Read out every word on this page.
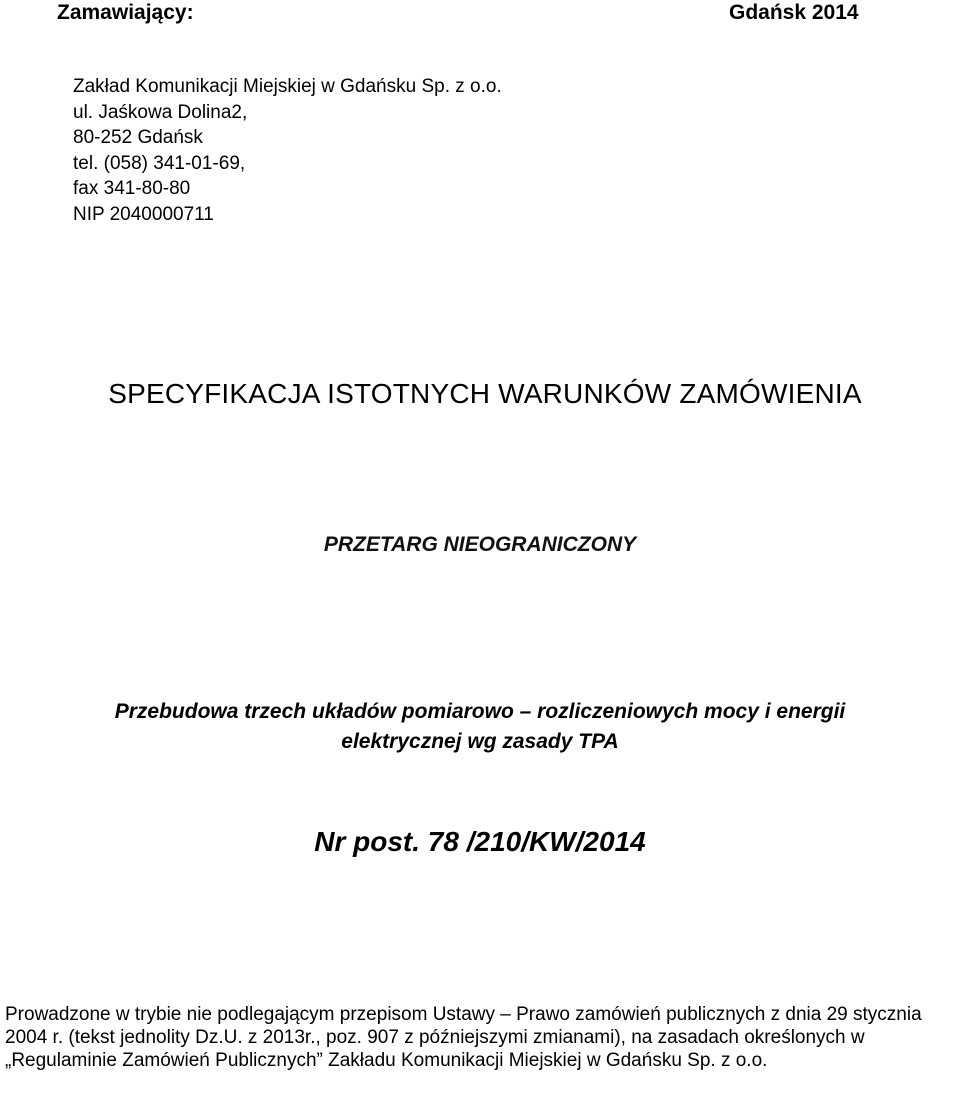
Zamawiający:	Gdańsk 2014
Zakład Komunikacji Miejskiej w Gdańsku Sp. z o.o.
ul. Jaśkowa Dolina2,
80-252 Gdańsk
tel. (058) 341-01-69,
fax 341-80-80
NIP 2040000711
SPECYFIKACJA ISTOTNYCH WARUNKÓW ZAMÓWIENIA
PRZETARG NIEOGRANICZONY
Przebudowa trzech układów pomiarowo – rozliczeniowych mocy i energii
elektrycznej wg zasady TPA
Nr post. 78 /210/KW/2014
Prowadzone w trybie nie podlegającym przepisom Ustawy – Prawo zamówień publicznych z dnia 29 stycznia 2004 r. (tekst jednolity Dz.U. z 2013r., poz. 907 z późniejszymi zmianami), na zasadach określonych w „Regulaminie Zamówień Publicznych” Zakładu Komunikacji Miejskiej w Gdańsku Sp. z o.o.
